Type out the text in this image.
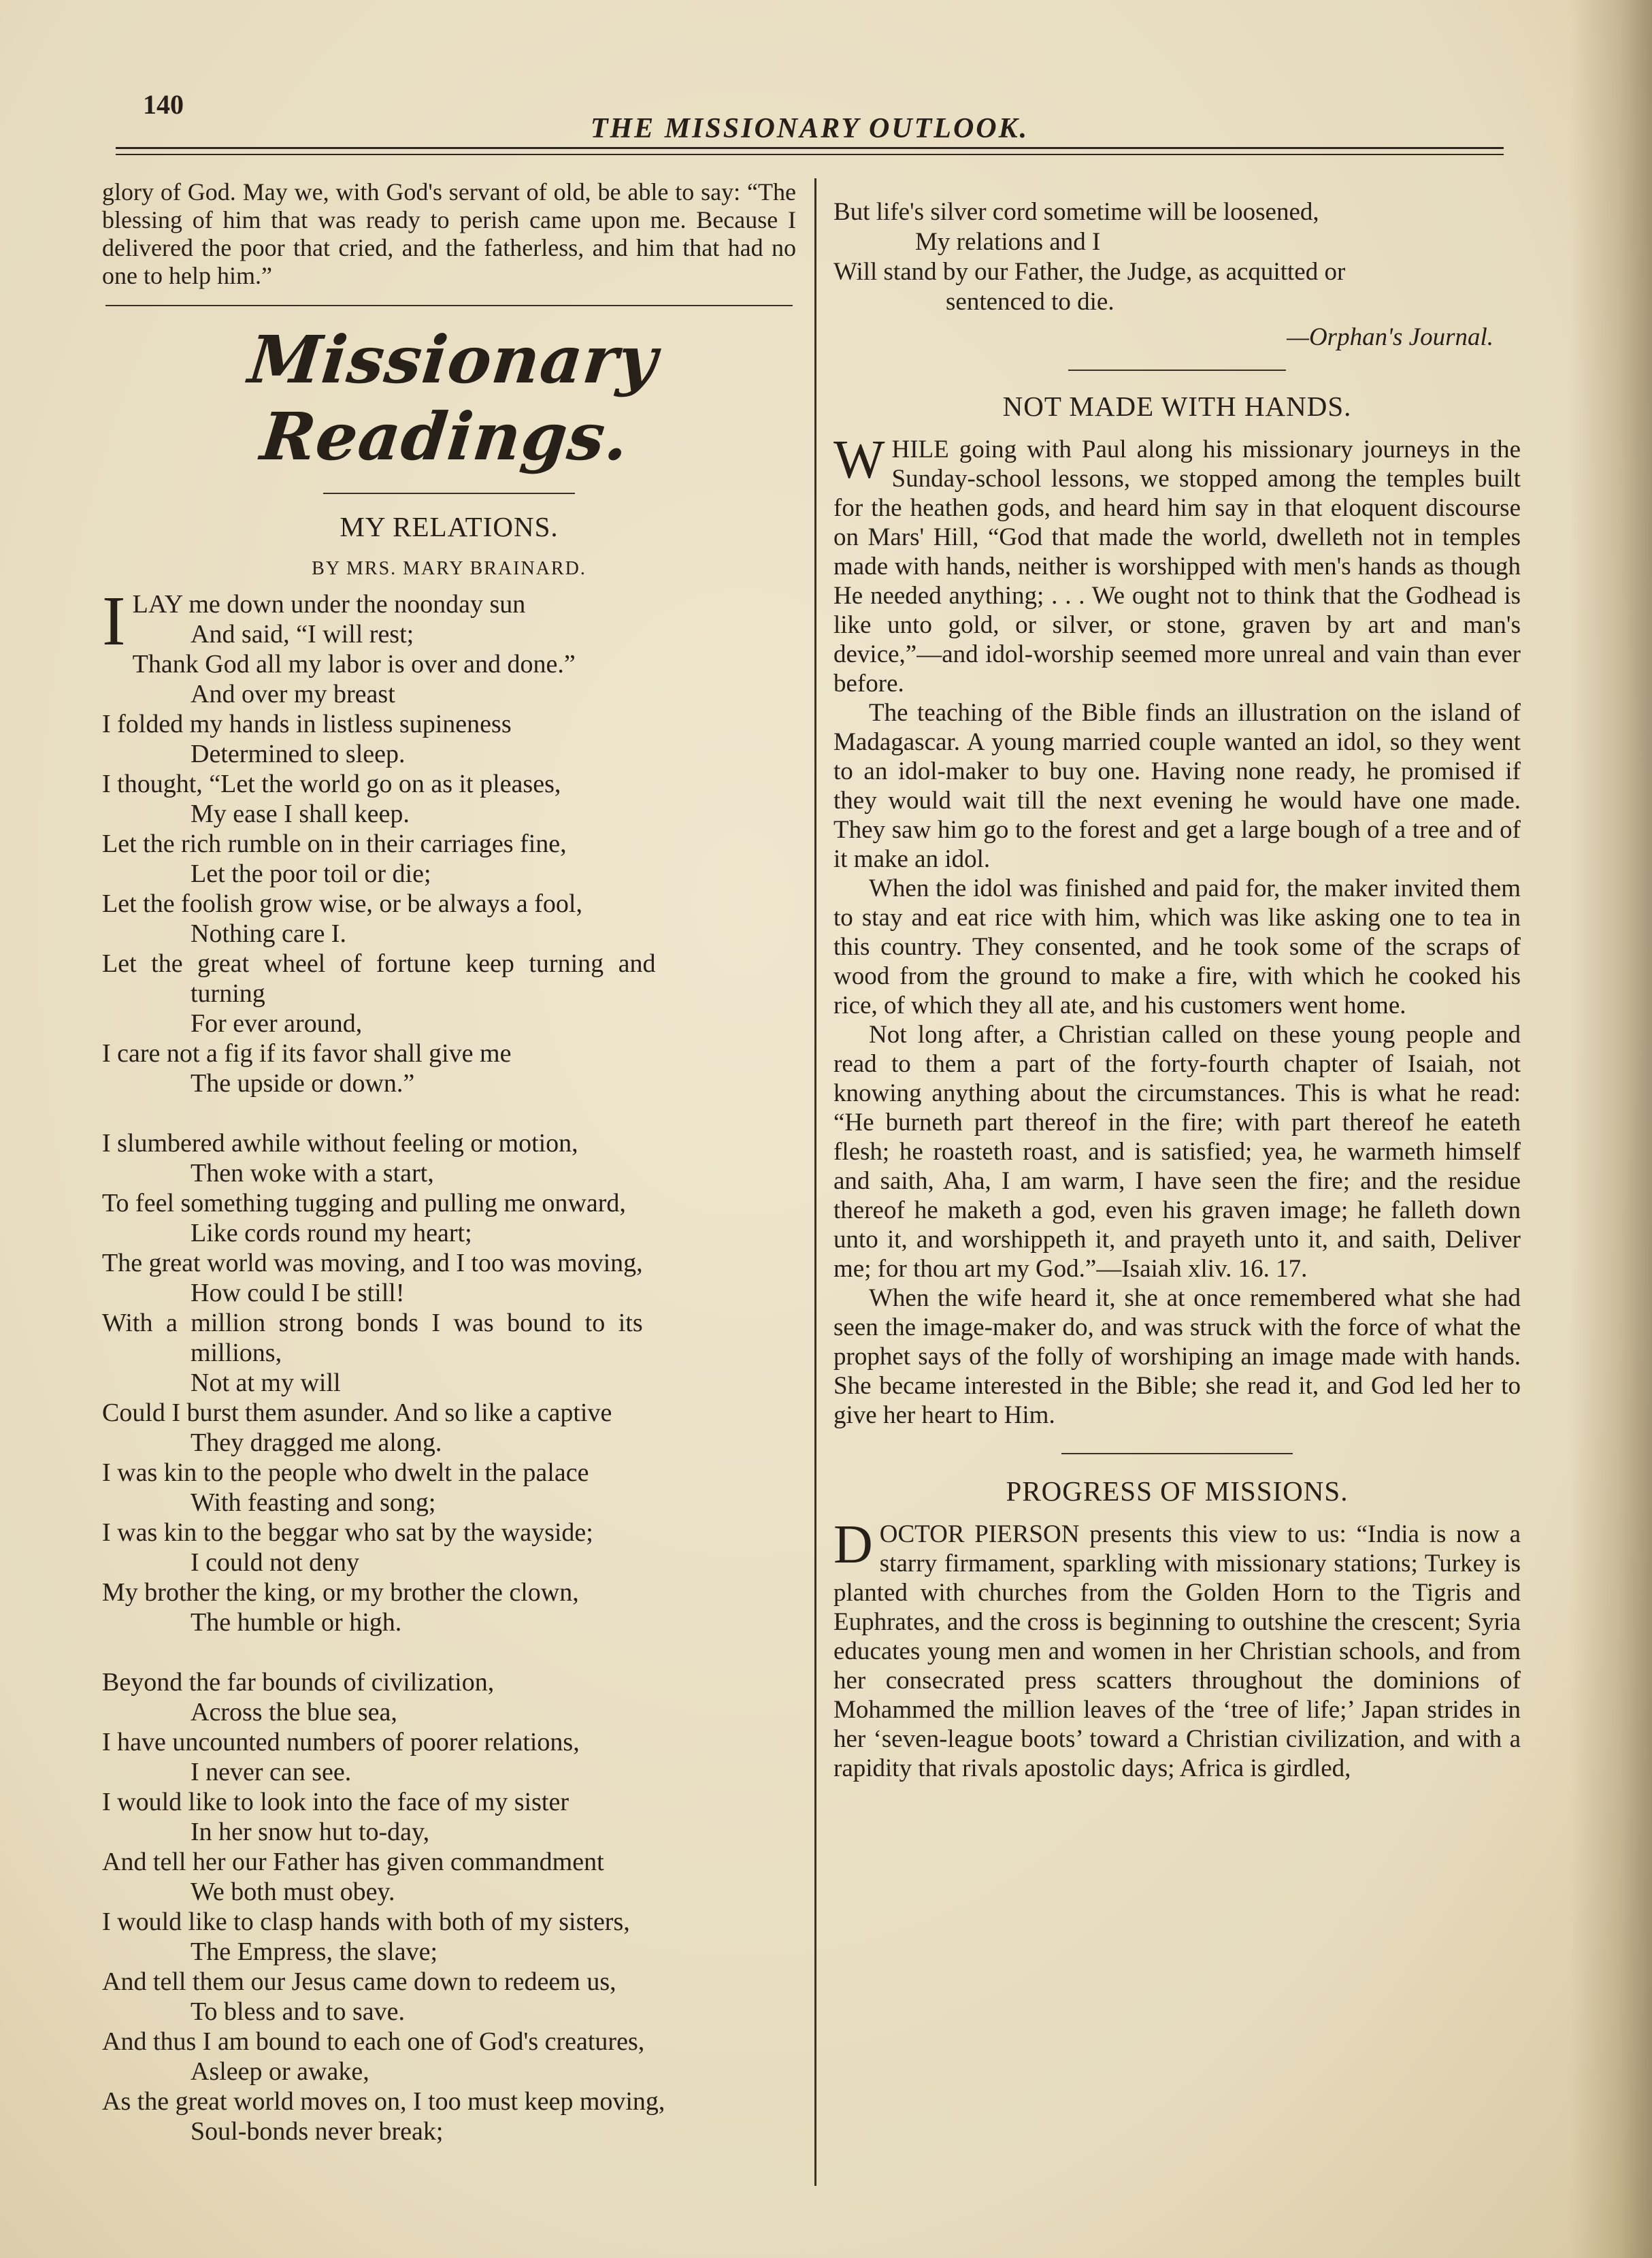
140
THE MISSIONARY OUTLOOK.

glory of God. May we, with God's servant of old, be able to say: “The blessing of him that was ready to perish came upon me. Because I delivered the poor that cried, and the fatherless, and him that had no one to help him.”

Missionary Readings.

MY RELATIONS.

BY MRS. MARY BRAINARD.

I LAY me down under the noonday sun
And said, “I will rest;
Thank God all my labor is over and done.”
And over my breast
I folded my hands in listless supineness
Determined to sleep.
I thought, “Let the world go on as it pleases,
My ease I shall keep.
Let the rich rumble on in their carriages fine,
Let the poor toil or die;
Let the foolish grow wise, or be always a fool,
Nothing care I.
Let the great wheel of fortune keep turning and
turning
For ever around,
I care not a fig if its favor shall give me
The upside or down.”
I slumbered awhile without feeling or motion,
Then woke with a start,
To feel something tugging and pulling me onward,
Like cords round my heart;
The great world was moving, and I too was moving,
How could I be still!
With a million strong bonds I was bound to its
millions,
Not at my will
Could I burst them asunder. And so like a captive
They dragged me along.
I was kin to the people who dwelt in the palace
With feasting and song;
I was kin to the beggar who sat by the wayside;
I could not deny
My brother the king, or my brother the clown,
The humble or high.
Beyond the far bounds of civilization,
Across the blue sea,
I have uncounted numbers of poorer relations,
I never can see.
I would like to look into the face of my sister
In her snow hut to-day,
And tell her our Father has given commandment
We both must obey.
I would like to clasp hands with both of my sisters,
The Empress, the slave;
And tell them our Jesus came down to redeem us,
To bless and to save.
And thus I am bound to each one of God's creatures,
Asleep or awake,
As the great world moves on, I too must keep moving,
Soul-bonds never break;
But life's silver cord sometime will be loosened,
My relations and I
Will stand by our Father, the Judge, as acquitted or
sentenced to die.

—Orphan's Journal.

NOT MADE WITH HANDS.

WHILE going with Paul along his missionary journeys in the Sunday-school lessons, we stopped among the temples built for the heathen gods, and heard him say in that eloquent discourse on Mars' Hill, “God that made the world, dwelleth not in temples made with hands, neither is worshipped with men's hands as though He needed anything; . . . We ought not to think that the Godhead is like unto gold, or silver, or stone, graven by art and man's device,”—and idol-worship seemed more unreal and vain than ever before.

The teaching of the Bible finds an illustration on the island of Madagascar. A young married couple wanted an idol, so they went to an idol-maker to buy one. Having none ready, he promised if they would wait till the next evening he would have one made. They saw him go to the forest and get a large bough of a tree and of it make an idol.

When the idol was finished and paid for, the maker invited them to stay and eat rice with him, which was like asking one to tea in this country. They consented, and he took some of the scraps of wood from the ground to make a fire, with which he cooked his rice, of which they all ate, and his customers went home.

Not long after, a Christian called on these young people and read to them a part of the forty-fourth chapter of Isaiah, not knowing anything about the circumstances. This is what he read: “He burneth part thereof in the fire; with part thereof he eateth flesh; he roasteth roast, and is satisfied; yea, he warmeth himself and saith, Aha, I am warm, I have seen the fire; and the residue thereof he maketh a god, even his graven image; he falleth down unto it, and worshippeth it, and prayeth unto it, and saith, Deliver me; for thou art my God.”—Isaiah xliv. 16. 17.

When the wife heard it, she at once remembered what she had seen the image-maker do, and was struck with the force of what the prophet says of the folly of worshiping an image made with hands. She became interested in the Bible; she read it, and God led her to give her heart to Him.

PROGRESS OF MISSIONS.

DOCTOR PIERSON presents this view to us: “India is now a starry firmament, sparkling with missionary stations; Turkey is planted with churches from the Golden Horn to the Tigris and Euphrates, and the cross is beginning to outshine the crescent; Syria educates young men and women in her Christian schools, and from her consecrated press scatters throughout the dominions of Mohammed the million leaves of the ‘tree of life;’ Japan strides in her ‘seven-league boots’ toward a Christian civilization, and with a rapidity that rivals apostolic days; Africa is girdled,
